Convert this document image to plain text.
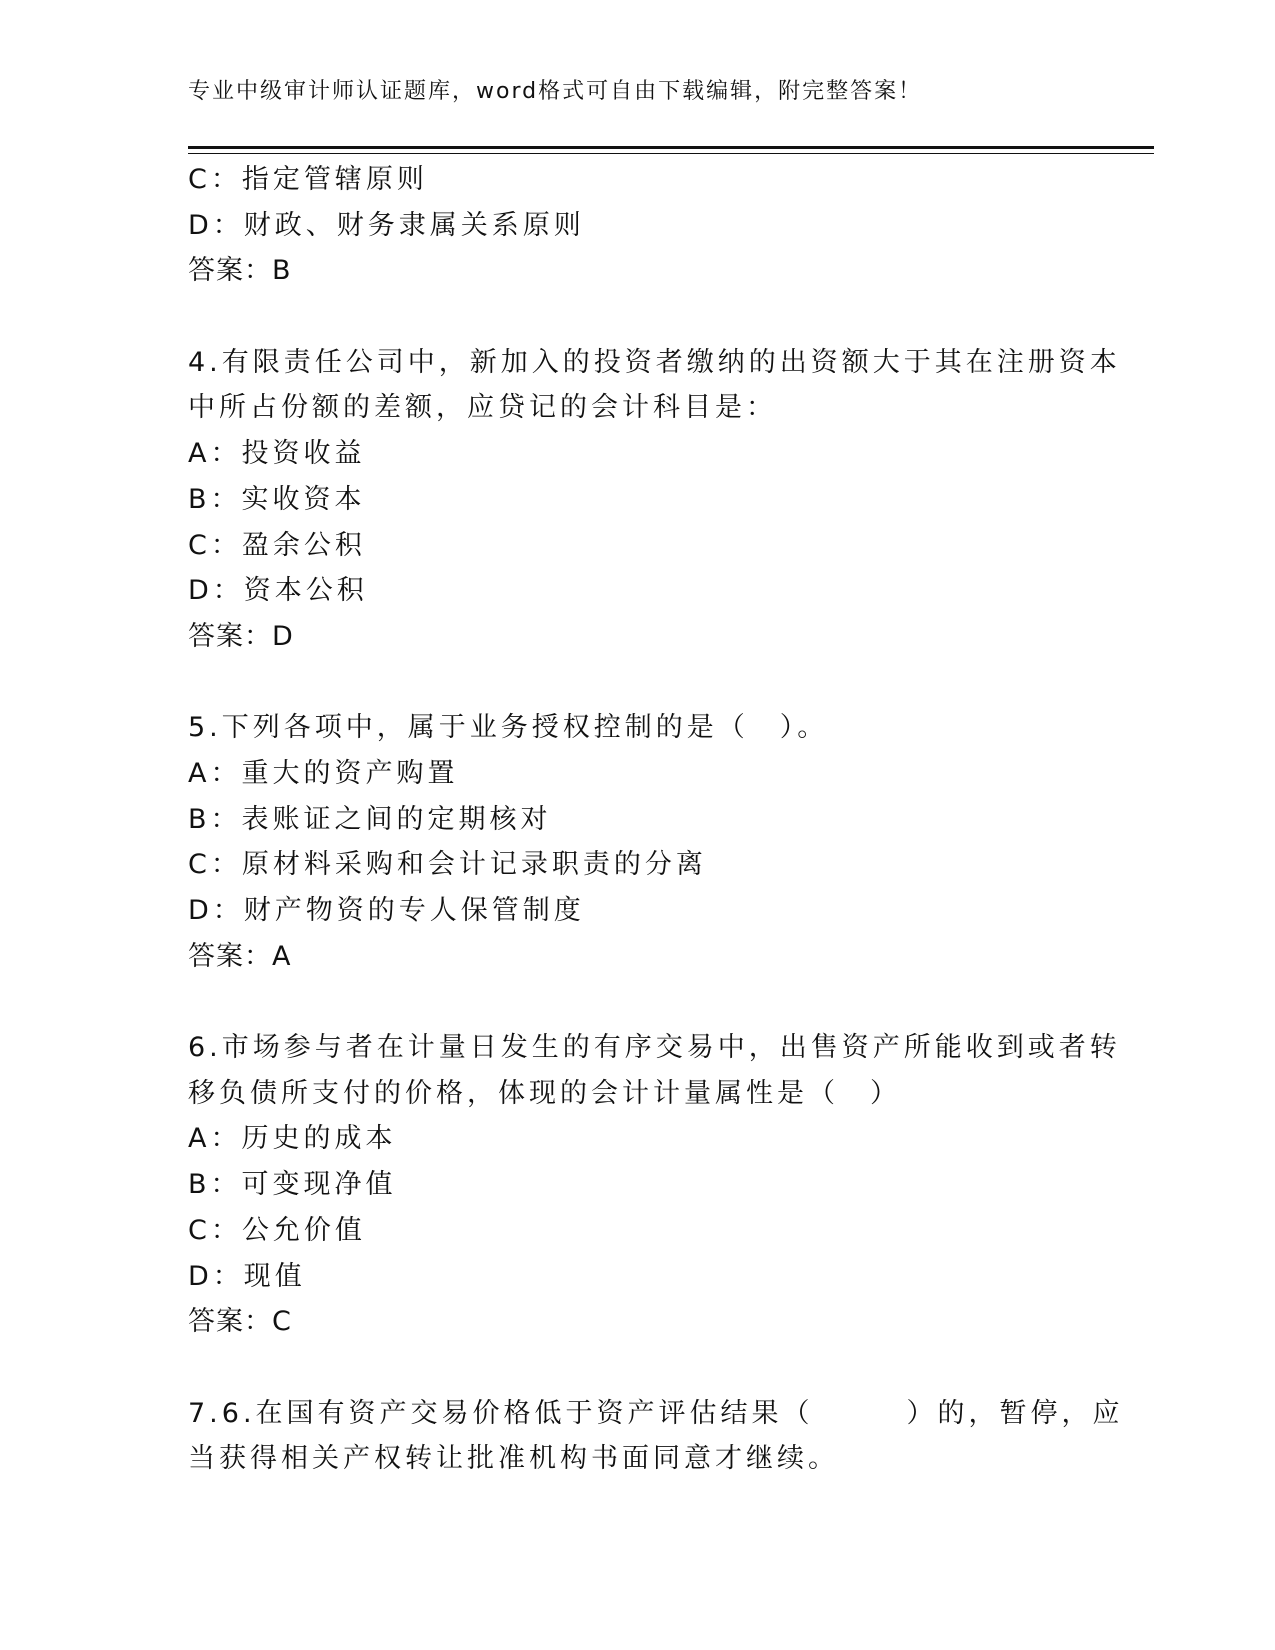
专业中级审计师认证题库，word格式可自由下载编辑，附完整答案！
C：指定管辖原则
D：财政、财务隶属关系原则
答案：B
4.有限责任公司中，新加入的投资者缴纳的出资额大于其在注册资本
中所占份额的差额，应贷记的会计科目是：
A：投资收益
B：实收资本
C：盈余公积
D：资本公积
答案：D
5.下列各项中，属于业务授权控制的是（　）。
A：重大的资产购置
B：表账证之间的定期核对
C：原材料采购和会计记录职责的分离
D：财产物资的专人保管制度
答案：A
6.市场参与者在计量日发生的有序交易中，出售资产所能收到或者转
移负债所支付的价格，体现的会计计量属性是（　）
A：历史的成本
B：可变现净值
C：公允价值
D：现值
答案：C
7.6.在国有资产交易价格低于资产评估结果（　　　）的，暂停，应
当获得相关产权转让批准机构书面同意才继续。
